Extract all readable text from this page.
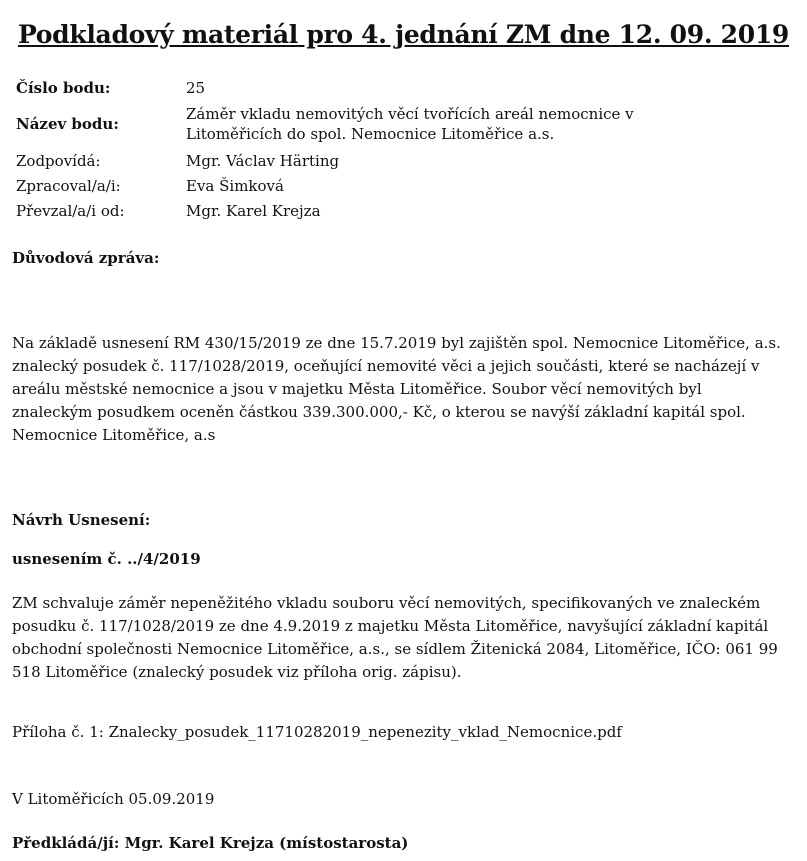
Podkladový materiál pro 4. jednání ZM dne 12. 09. 2019
Číslo bodu:	25
Název bodu:
Záměr vkladu nemovitých věcí tvořících areál nemocnice v
Litoměřicích do spol. Nemocnice Litoměřice a.s.
Zodpovídá:	Mgr. Václav Härting
Zpracoval/a/i:	Eva Šimková
Převzal/a/i od:	Mgr. Karel Krejza
Důvodová zpráva:
Na základě usnesení RM 430/15/2019 ze dne 15.7.2019 byl zajištěn spol. Nemocnice Litoměřice, a.s.
znalecký posudek č. 117/1028/2019, oceňující nemovité věci a jejich součásti, které se nacházejí v
areálu městské nemocnice a jsou v majetku Města Litoměřice. Soubor věcí nemovitých byl
znaleckým posudkem oceněn částkou 339.300.000,- Kč, o kterou se navýší základní kapitál spol.
Nemocnice Litoměřice, a.s
Návrh Usnesení:
usnesením č. ../4/2019
ZM schvaluje záměr nepeněžitého vkladu souboru věcí nemovitých, specifikovaných ve znaleckém
posudku č. 117/1028/2019 ze dne 4.9.2019 z majetku Města Litoměřice, navyšující základní kapitál
obchodní společnosti Nemocnice Litoměřice, a.s., se sídlem Žitenická 2084, Litoměřice, IČO: 061 99
518 Litoměřice (znalecký posudek viz příloha orig. zápisu).
Příloha č. 1: Znalecky_posudek_11710282019_nepenezity_vklad_Nemocnice.pdf
V Litoměřicích 05.09.2019
Předkládá/jí: Mgr. Karel Krejza (místostarosta)
